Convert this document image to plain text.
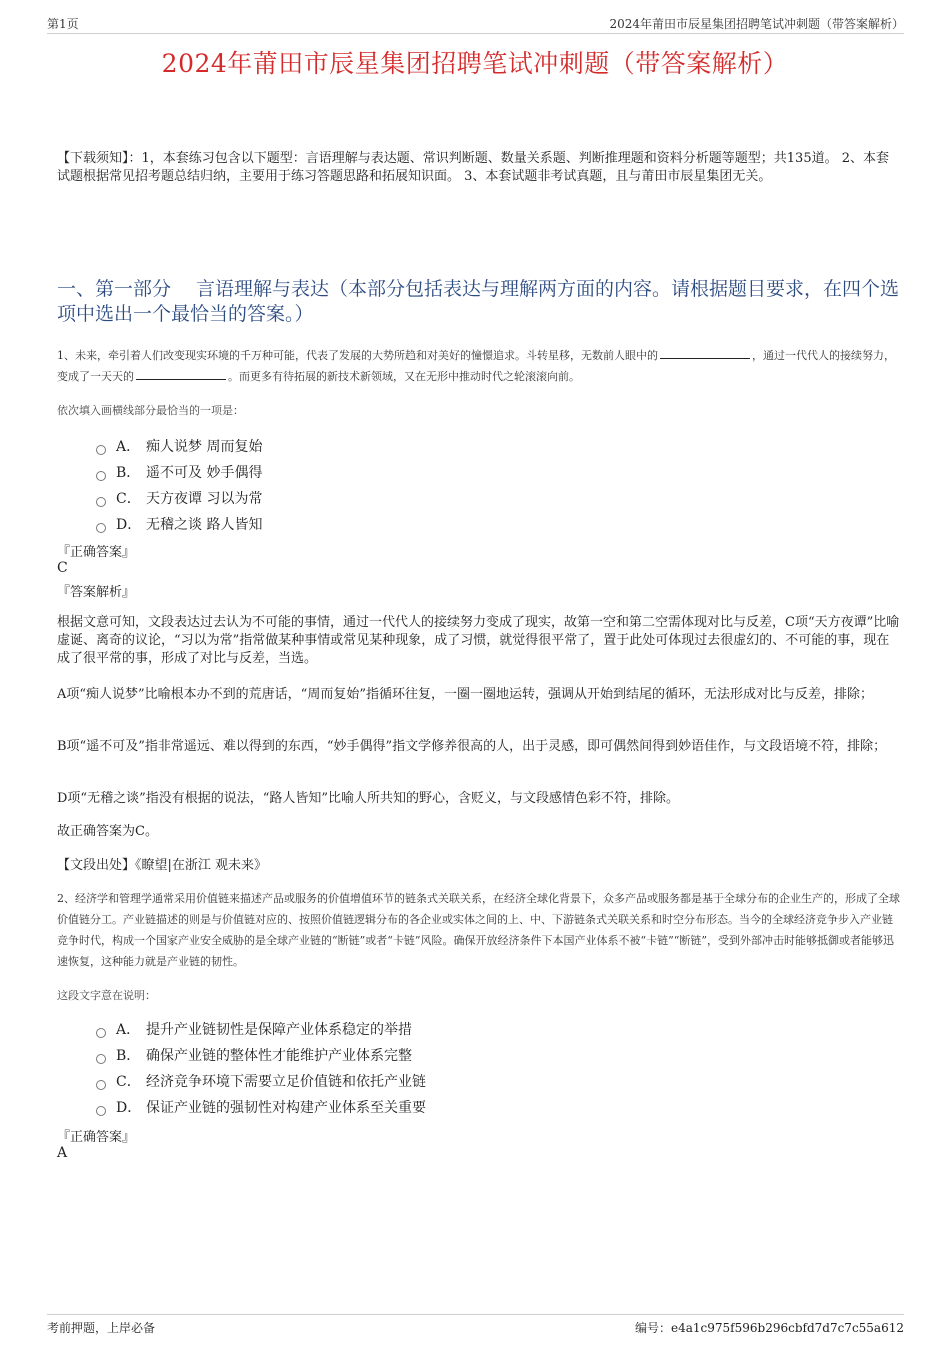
第1页	2024年莆田市辰星集团招聘笔试冲刺题（带答案解析）
2024年莆田市辰星集团招聘笔试冲刺题（带答案解析）
【下载须知】：1，本套练习包含以下题型：言语理解与表达题、常识判断题、数量关系题、判断推理题和资料分析题等题型；共135道。 2、本套试题根据常见招考题总结归纳，主要用于练习答题思路和拓展知识面。 3、本套试题非考试真题，且与莆田市辰星集团无关。
一、第一部分　 言语理解与表达（本部分包括表达与理解两方面的内容。请根据题目要求，在四个选项中选出一个最恰当的答案。）
1、未来，牵引着人们改变现实环境的千万种可能，代表了发展的大势所趋和对美好的憧憬追求。斗转星移，无数前人眼中的	，通过一代代人的接续努力，变成了一天天的	。而更多有待拓展的新技术新领域，又在无形中推动时代之轮滚滚向前。
依次填入画横线部分最恰当的一项是：
A． 痴人说梦 周而复始
B． 遥不可及 妙手偶得
C． 天方夜谭 习以为常
D． 无稽之谈 路人皆知
『正确答案』
C
『答案解析』

根据文意可知，文段表达过去认为不可能的事情，通过一代代人的接续努力变成了现实，故第一空和第二空需体现对比与反差，C项“天方夜谭”比喻虚诞、离奇的议论，“习以为常”指常做某种事情或常见某种现象，成了习惯，就觉得很平常了，置于此处可体现过去很虚幻的、不可能的事，现在成了很平常的事，形成了对比与反差，当选。

A项“痴人说梦”比喻根本办不到的荒唐话，“周而复始”指循环往复，一圈一圈地运转，强调从开始到结尾的循环，无法形成对比与反差，排除；

B项“遥不可及”指非常遥远、难以得到的东西，“妙手偶得”指文学修养很高的人，出于灵感，即可偶然间得到妙语佳作，与文段语境不符，排除；

D项“无稽之谈”指没有根据的说法，“路人皆知”比喻人所共知的野心，含贬义，与文段感情色彩不符，排除。

故正确答案为C。

【文段出处】《瞭望|在浙江 观未来》

2、经济学和管理学通常采用价值链来描述产品或服务的价值增值环节的链条式关联关系，在经济全球化背景下，众多产品或服务都是基于全球分布的企业生产的，形成了全球价值链分工。产业链描述的则是与价值链对应的、按照价值链逻辑分布的各企业或实体之间的上、中、下游链条式关联关系和时空分布形态。当今的全球经济竞争步入产业链竞争时代，构成一个国家产业安全威胁的是全球产业链的“断链”或者“卡链”风险。确保开放经济条件下本国产业体系不被“卡链”“断链”，受到外部冲击时能够抵御或者能够迅速恢复，这种能力就是产业链的韧性。
这段文字意在说明：
A． 提升产业链韧性是保障产业体系稳定的举措
B． 确保产业链的整体性才能维护产业体系完整
C． 经济竞争环境下需要立足价值链和依托产业链
D． 保证产业链的强韧性对构建产业体系至关重要
『正确答案』
A
考前押题，上岸必备	编号：e4a1c975f596b296cbfd7d7c7c55a612
